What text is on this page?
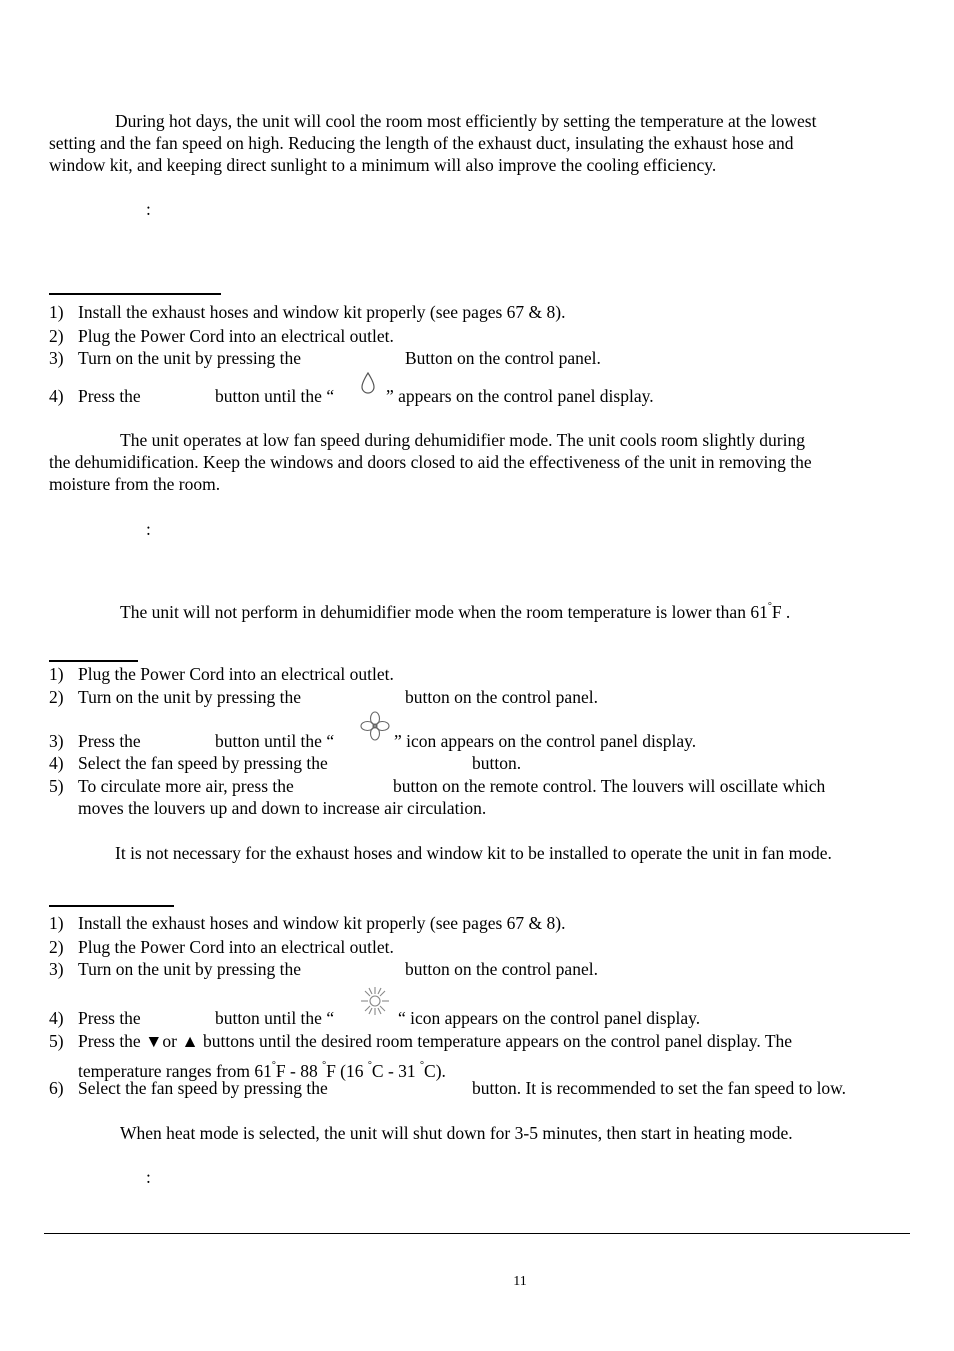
During hot days, the unit will cool the room most efficiently by setting the temperature at the lowest
setting and the fan speed on high. Reducing the length of the exhaust duct, insulating the exhaust hose and
window kit, and keeping direct sunlight to a minimum will also improve the cooling efficiency.
:
1) Install the exhaust hoses and window kit properly (see pages 67 & 8).
2) Plug the Power Cord into an electrical outlet.
3) Turn on the unit by pressing the	Button on the control panel.
4) Press the	button until the “	” appears on the control panel display.
The unit operates at low fan speed during dehumidifier mode. The unit cools room slightly during
the dehumidification. Keep the windows and doors closed to aid the effectiveness of the unit in removing the
moisture from the room.
:
The unit will not perform in dehumidifier mode when the room temperature is lower than 61°F .
1) Plug the Power Cord into an electrical outlet.
2) Turn on the unit by pressing the	button on the control panel.
3) Press the	button until the “	” icon appears on the control panel display.
4) Select the fan speed by pressing the	button.
5) To circulate more air, press the	button on the remote control. The louvers will oscillate which
moves the louvers up and down to increase air circulation.
It is not necessary for the exhaust hoses and window kit to be installed to operate the unit in fan mode.
1) Install the exhaust hoses and window kit properly (see pages 67 & 8).
2) Plug the Power Cord into an electrical outlet.
3) Turn on the unit by pressing the	button on the control panel.
4) Press the	button until the “	“ icon appears on the control panel display.
5) Press the ▼or ▲ buttons until the desired room temperature appears on the control panel display. The
temperature ranges from 61°F - 88 °F (16 °C - 31 °C).
6) Select the fan speed by pressing the	button. It is recommended to set the fan speed to low.
When heat mode is selected, the unit will shut down for 3-5 minutes, then start in heating mode.
:
11
